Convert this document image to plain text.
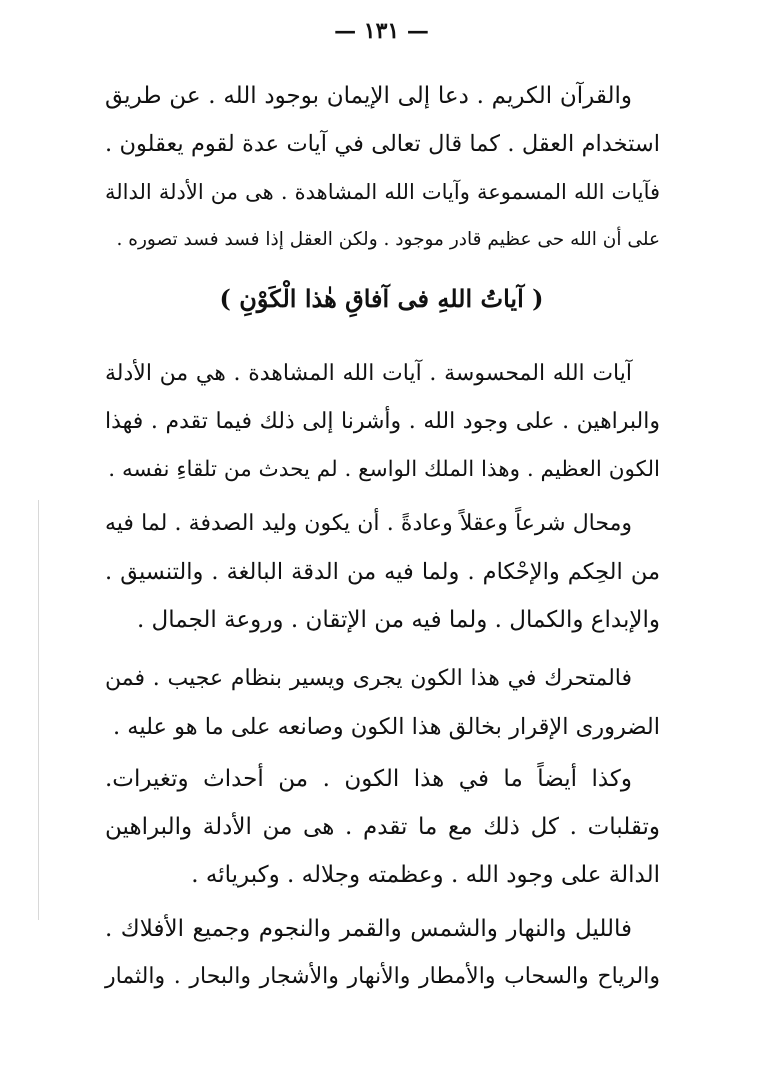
— ١٣١ —
والقرآن الكريم . دعا إلى الإيمان بوجود الله . عن طريق
استخدام العقل . كما قال تعالى في آيات عدة لقوم يعقلون .
فآيات الله المسموعة وآيات الله المشاهدة . هى من الأدلة الدالة
على أن الله حى عظيم قادر موجود . ولكن العقل إذا فسد فسد تصوره .
( آياتُ اللهِ فى آفاقِ هٰذا الْكَوْنِ )
آيات الله المحسوسة . آيات الله المشاهدة . هي من الأدلة
والبراهين . على وجود الله . وأشرنا إلى ذلك فيما تقدم . فهذا
الكون العظيم . وهذا الملك الواسع . لم يحدث من تلقاءِ نفسه .
ومحال شرعاً وعقلاً وعادةً . أن يكون وليد الصدفة . لما فيه
من الحِكم والإحْكام . ولما فيه من الدقة البالغة . والتنسيق .
والإبداع والكمال . ولما فيه من الإتقان . وروعة الجمال .
فالمتحرك في هذا الكون يجرى ويسير بنظام عجيب . فمن
الضرورى الإقرار بخالق هذا الكون وصانعه على ما هو عليه .
وكذا أيضاً ما في هذا الكون . من أحداث وتغيرات.
وتقلبات . كل ذلك مع ما تقدم . هى من الأدلة والبراهين
الدالة على وجود الله . وعظمته وجلاله . وكبريائه .
فالليل والنهار والشمس والقمر والنجوم وجميع الأفلاك .
والرياح والسحاب والأمطار والأنهار والأشجار والبحار . والثمار
